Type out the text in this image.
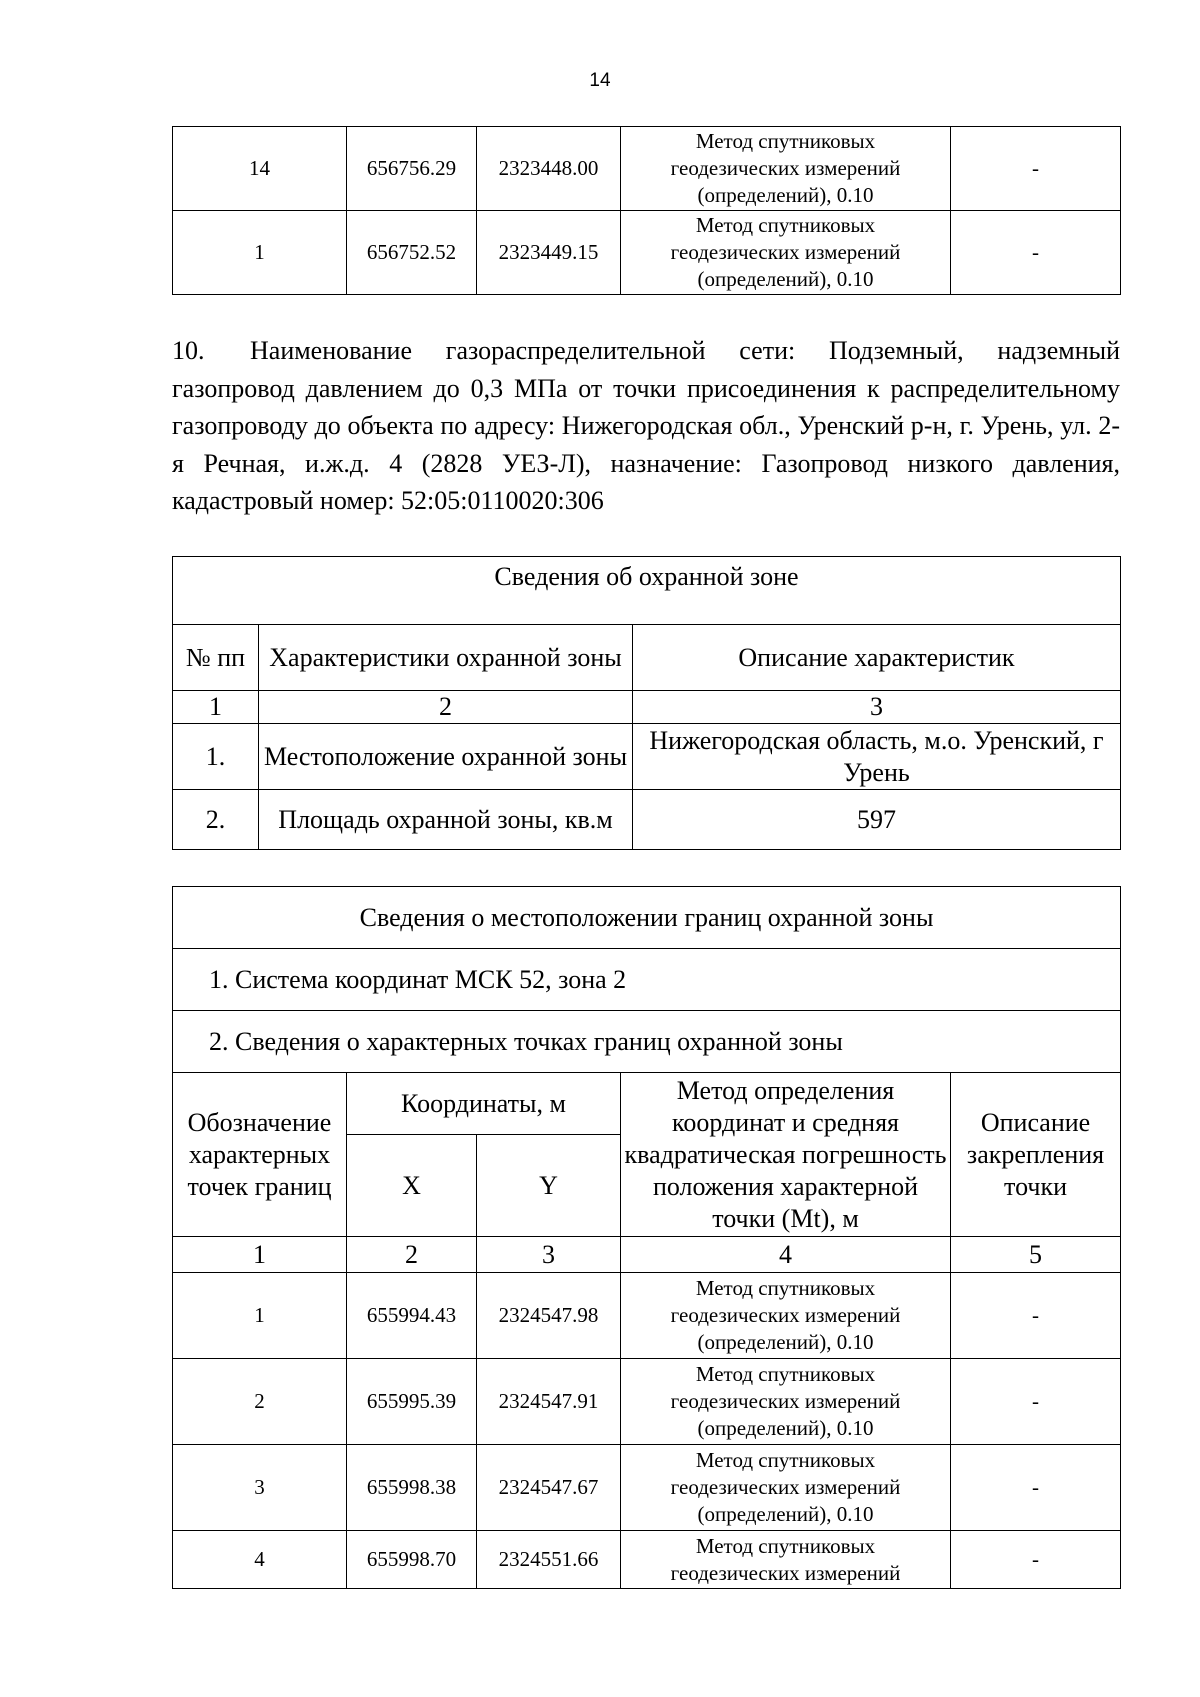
14
14	656756.29	2323448.00	Метод спутниковых
геодезических измерений
(определений), 0.10	-
1	656752.52	2323449.15	Метод спутниковых
геодезических измерений
(определений), 0.10	-

10. Наименование газораспределительной сети: Подземный, надземный газопровод давлением до 0,3 МПа от точки присоединения к распределительному газопроводу до объекта по адресу: Нижегородская обл., Уренский р-н, г. Урень, ул. 2-я Речная, и.ж.д. 4 (2828 УЕЗ-Л), назначение: Газопровод низкого давления, кадастровый номер: 52:05:0110020:306

Сведения об охранной зоне		
№ пп	Характеристики охранной зоны	Описание характеристик
1	2	3
1.	Местоположение охранной зоны	Нижегородская область, м.о. Уренский, г Урень
2.	Площадь охранной зоны, кв.м	597
Сведения о местоположении границ охранной зоны				
1. Система координат МСК 52, зона 2				
2. Сведения о характерных точках границ охранной зоны				
Обозначение характерных точек границ	Координаты, м		Метод определения координат и средняя квадратическая погрешность положения характерной точки (Mt), м	Описание закрепления точки
	X	Y		
1	2	3	4	5
1	655994.43	2324547.98	Метод спутниковых
геодезических измерений
(определений), 0.10	-
2	655995.39	2324547.91	Метод спутниковых
геодезических измерений
(определений), 0.10	-
3	655998.38	2324547.67	Метод спутниковых
геодезических измерений
(определений), 0.10	-
4	655998.70	2324551.66	Метод спутниковых
геодезических измерений	-
